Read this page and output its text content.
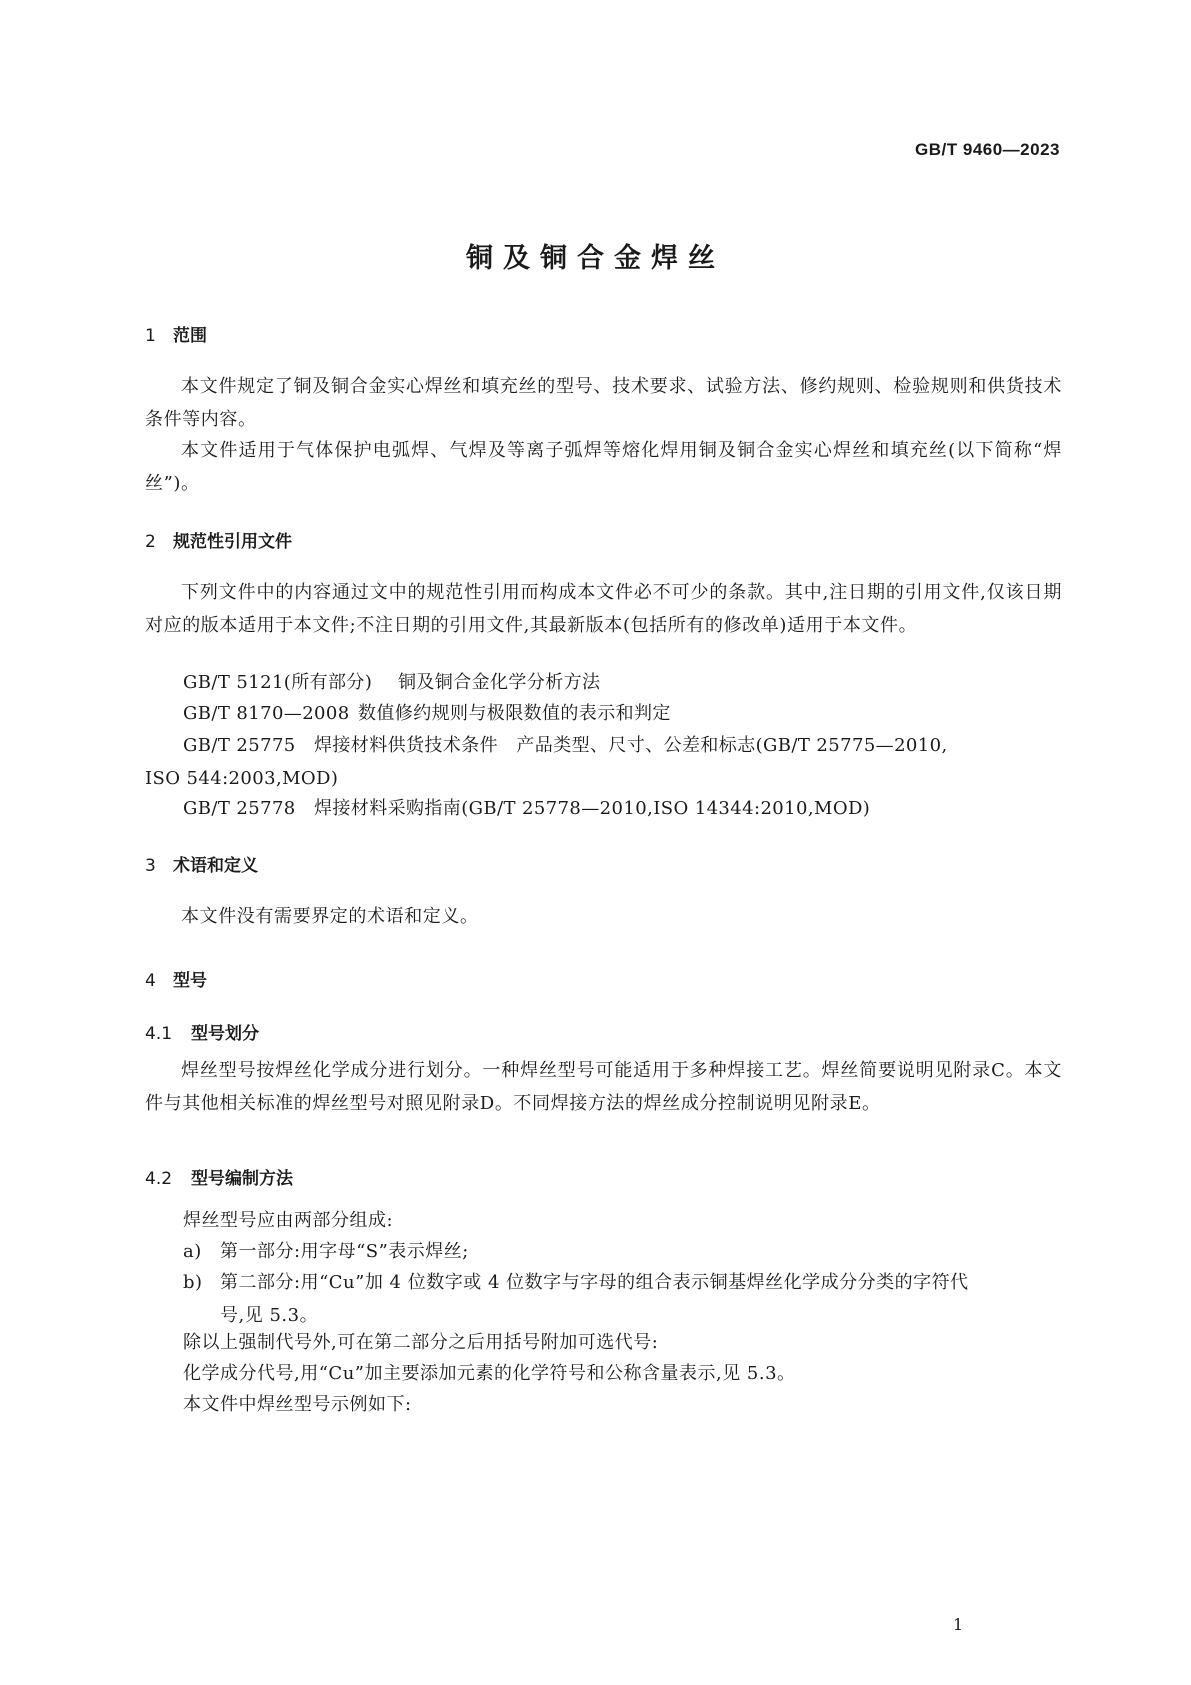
GB/T 9460—2023
铜及铜合金焊丝
1 范围
本文件规定了铜及铜合金实心焊丝和填充丝的型号、技术要求、试验方法、修约规则、检验规则和供货技术条件等内容。
本文件适用于气体保护电弧焊、气焊及等离子弧焊等熔化焊用铜及铜合金实心焊丝和填充丝(以下简称“焊丝”)。
2 规范性引用文件
下列文件中的内容通过文中的规范性引用而构成本文件必不可少的条款。其中,注日期的引用文件,仅该日期对应的版本适用于本文件;不注日期的引用文件,其最新版本(包括所有的修改单)适用于本文件。
GB/T 5121(所有部分) 铜及铜合金化学分析方法
GB/T 8170—2008 数值修约规则与极限数值的表示和判定
GB/T 25775 焊接材料供货技术条件　产品类型、尺寸、公差和标志(GB/T 25775—2010,
ISO 544:2003,MOD)
GB/T 25778 焊接材料采购指南(GB/T 25778—2010,ISO 14344:2010,MOD)
3 术语和定义
本文件没有需要界定的术语和定义。
4 型号
4.1 型号划分
焊丝型号按焊丝化学成分进行划分。一种焊丝型号可能适用于多种焊接工艺。焊丝简要说明见附录C。本文件与其他相关标准的焊丝型号对照见附录D。不同焊接方法的焊丝成分控制说明见附录E。
4.2 型号编制方法
焊丝型号应由两部分组成:
a) 第一部分:用字母“S”表示焊丝;
b) 第二部分:用“Cu”加 4 位数字或 4 位数字与字母的组合表示铜基焊丝化学成分分类的字符代
号,见 5.3。
除以上强制代号外,可在第二部分之后用括号附加可选代号:
化学成分代号,用“Cu”加主要添加元素的化学符号和公称含量表示,见 5.3。
本文件中焊丝型号示例如下:
1
